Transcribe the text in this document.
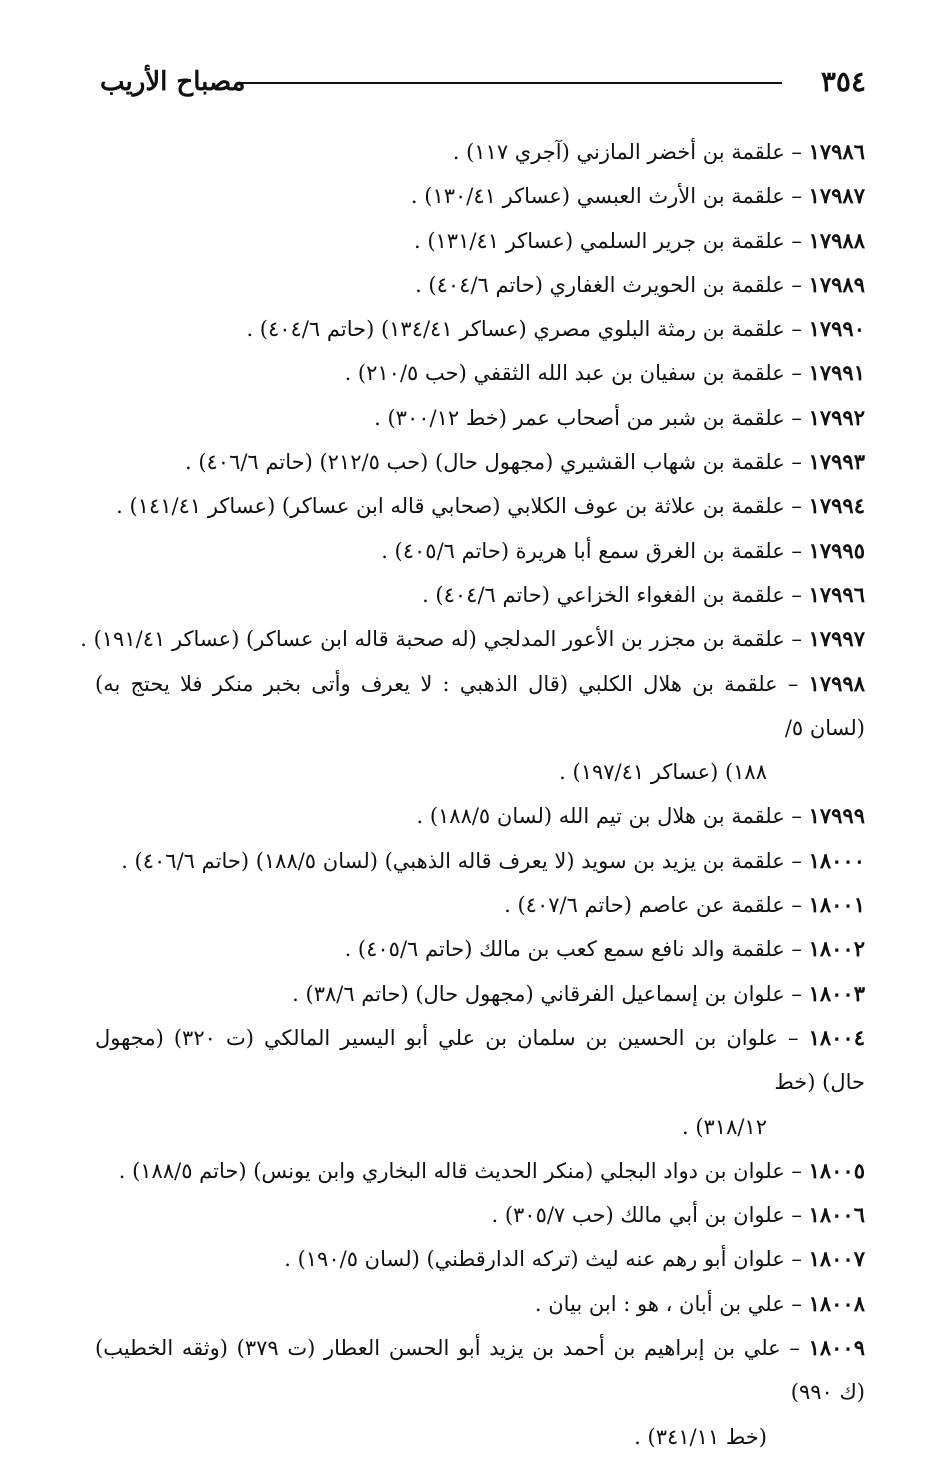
٣٥٤
مصباح الأريب
١٧٩٨٦ – علقمة بن أخضر المازني (آجري ١١٧) .
١٧٩٨٧ – علقمة بن الأرث العبسي (عساكر ١٣٠/٤١) .
١٧٩٨٨ – علقمة بن جرير السلمي (عساكر ١٣١/٤١) .
١٧٩٨٩ – علقمة بن الحويرث الغفاري (حاتم ٤٠٤/٦) .
١٧٩٩٠ – علقمة بن رمثة البلوي مصري (عساكر ١٣٤/٤١) (حاتم ٤٠٤/٦) .
١٧٩٩١ – علقمة بن سفيان بن عبد الله الثقفي (حب ٢١٠/٥) .
١٧٩٩٢ – علقمة بن شبر من أصحاب عمر (خط ٣٠٠/١٢) .
١٧٩٩٣ – علقمة بن شهاب القشيري (مجهول حال) (حب ٢١٢/٥) (حاتم ٤٠٦/٦) .
١٧٩٩٤ – علقمة بن علاثة بن عوف الكلابي (صحابي قاله ابن عساكر) (عساكر ١٤١/٤١) .
١٧٩٩٥ – علقمة بن الغرق سمع أبا هريرة (حاتم ٤٠٥/٦) .
١٧٩٩٦ – علقمة بن الفغواء الخزاعي (حاتم ٤٠٤/٦) .
١٧٩٩٧ – علقمة بن مجزر بن الأعور المدلجي (له صحبة قاله ابن عساكر) (عساكر ١٩١/٤١) .
١٧٩٩٨ – علقمة بن هلال الكلبي (قال الذهبي : لا يعرف وأتى بخبر منكر فلا يحتج به) (لسان ٥/
١٨٨) (عساكر ١٩٧/٤١) .
١٧٩٩٩ – علقمة بن هلال بن تيم الله (لسان ١٨٨/٥) .
١٨٠٠٠ – علقمة بن يزيد بن سويد (لا يعرف قاله الذهبي) (لسان ١٨٨/٥) (حاتم ٤٠٦/٦) .
١٨٠٠١ – علقمة عن عاصم (حاتم ٤٠٧/٦) .
١٨٠٠٢ – علقمة والد نافع سمع كعب بن مالك (حاتم ٤٠٥/٦) .
١٨٠٠٣ – علوان بن إسماعيل الفرقاني (مجهول حال) (حاتم ٣٨/٦) .
١٨٠٠٤ – علوان بن الحسين بن سلمان بن علي أبو اليسير المالكي (ت ٣٢٠) (مجهول حال) (خط
٣١٨/١٢) .
١٨٠٠٥ – علوان بن دواد البجلي (منكر الحديث قاله البخاري وابن يونس) (حاتم ١٨٨/٥) .
١٨٠٠٦ – علوان بن أبي مالك (حب ٣٠٥/٧) .
١٨٠٠٧ – علوان أبو رهم عنه ليث (تركه الدارقطني) (لسان ١٩٠/٥) .
١٨٠٠٨ – علي بن أبان ، هو : ابن بيان .
١٨٠٠٩ – علي بن إبراهيم بن أحمد بن يزيد أبو الحسن العطار (ت ٣٧٩) (وثقه الخطيب) (ك ٩٩٠)
(خط ٣٤١/١١) .
